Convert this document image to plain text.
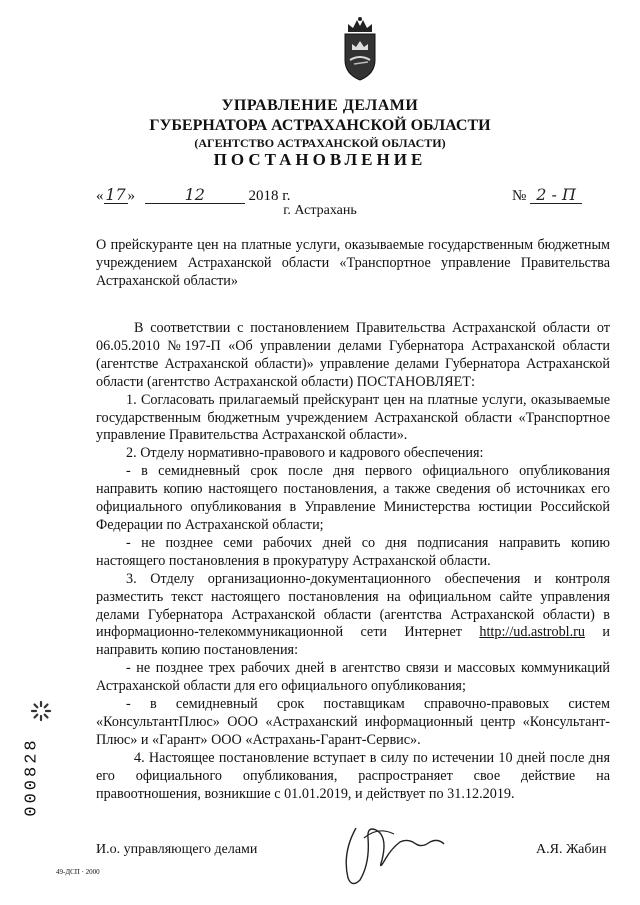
УПРАВЛЕНИЕ ДЕЛАМИ
ГУБЕРНАТОРА АСТРАХАНСКОЙ ОБЛАСТИ
(АГЕНТСТВО АСТРАХАНСКОЙ ОБЛАСТИ)
ПОСТАНОВЛЕНИЕ
« 17 »	12	2018 г.	№ 2 - П
г. Астрахань
О прейскуранте цен на платные услуги, оказываемые государственным бюджетным учреждением Астраханской области «Транспортное управление Правительства Астраханской области»

В соответствии с постановлением Правительства Астраханской области от 06.05.2010 №197-П «Об управлении делами Губернатора Астраханской области (агентстве Астраханской области)» управление делами Губернатора Астраханской области (агентство Астраханской области) ПОСТАНОВЛЯЕТ:

1. Согласовать прилагаемый прейскурант цен на платные услуги, оказываемые государственным бюджетным учреждением Астраханской области «Транспортное управление Правительства Астраханской области».

2. Отделу нормативно-правового и кадрового обеспечения:

- в семидневный срок после дня первого официального опубликования направить копию настоящего постановления, а также сведения об источниках его официального опубликования в Управление Министерства юстиции Российской Федерации по Астраханской области;

- не позднее семи рабочих дней со дня подписания направить копию настоящего постановления в прокуратуру Астраханской области.

3. Отделу организационно-документационного обеспечения и контроля разместить текст настоящего постановления на официальном сайте управления делами Губернатора Астраханской области (агентства Астраханской области) в информационно-телекоммуникационной сети Интернет http://ud.astrobl.ru и направить копию постановления:

- не позднее трех рабочих дней в агентство связи и массовых коммуникаций Астраханской области для его официального опубликования;

- в семидневный срок поставщикам справочно-правовых систем «КонсультантПлюс» ООО «Астраханский информационный центр «Консультант-Плюс» и «Гарант» ООО «Астрахань-Гарант-Сервис».

4. Настоящее постановление вступает в силу по истечении 10 дней после дня его официального опубликования, распространяет свое действие на правоотношения, возникшие с 01.01.2019, и действует по 31.12.2019.

И.о. управляющего делами	А.Я. Жабин
49-ДСП · 2000
000828
